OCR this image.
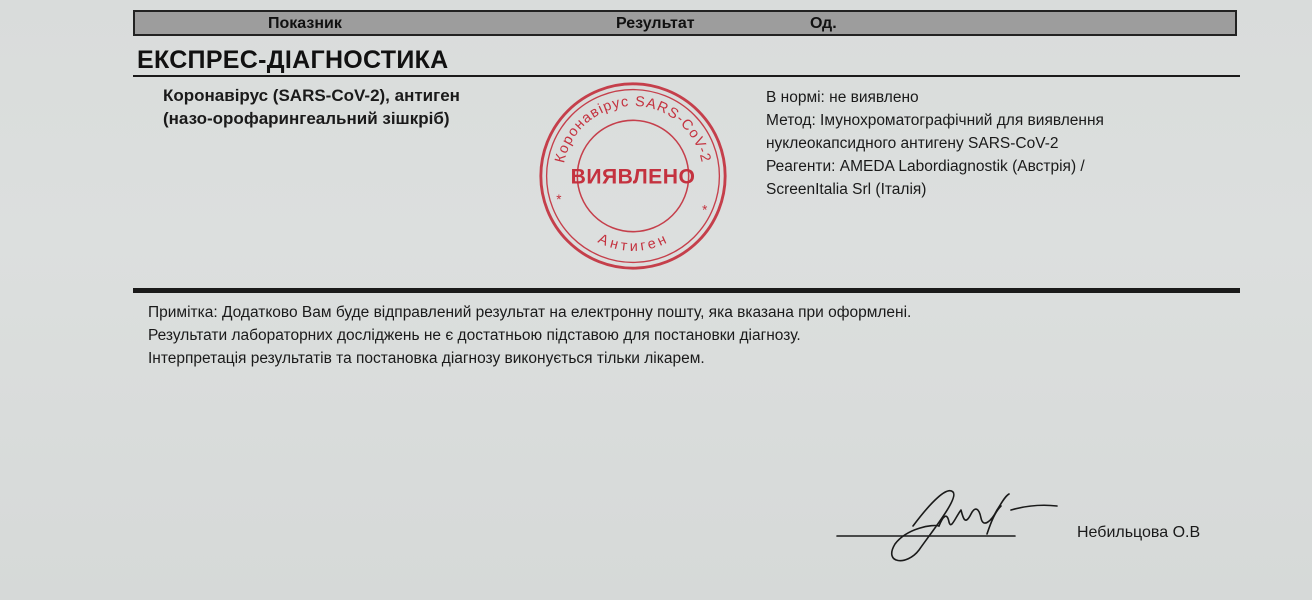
Показник	Результат	Од.
ЕКСПРЕС-ДІАГНОСТИКА
Коронавірус (SARS-CoV-2), антиген
(назо-орофарингеальний зішкріб)
В нормі: не виявлено
Метод: Імунохроматографічний для виявлення
нуклеокапсидного антигену SARS-CoV-2
Реагенти: AMEDA Labordiagnostik (Австрія) /
ScreenItalia Srl (Італія)
Коронавірус SARS-CoV-2
Антиген
*
*
ВИЯВЛЕНО
Примітка: Додатково Вам буде відправлений результат на електронну пошту, яка вказана при оформлені.
Результати лабораторних досліджень не є достатньою підставою для постановки діагнозу.
Інтерпретація результатів та постановка діагнозу виконується тільки лікарем.
Небильцова О.В
